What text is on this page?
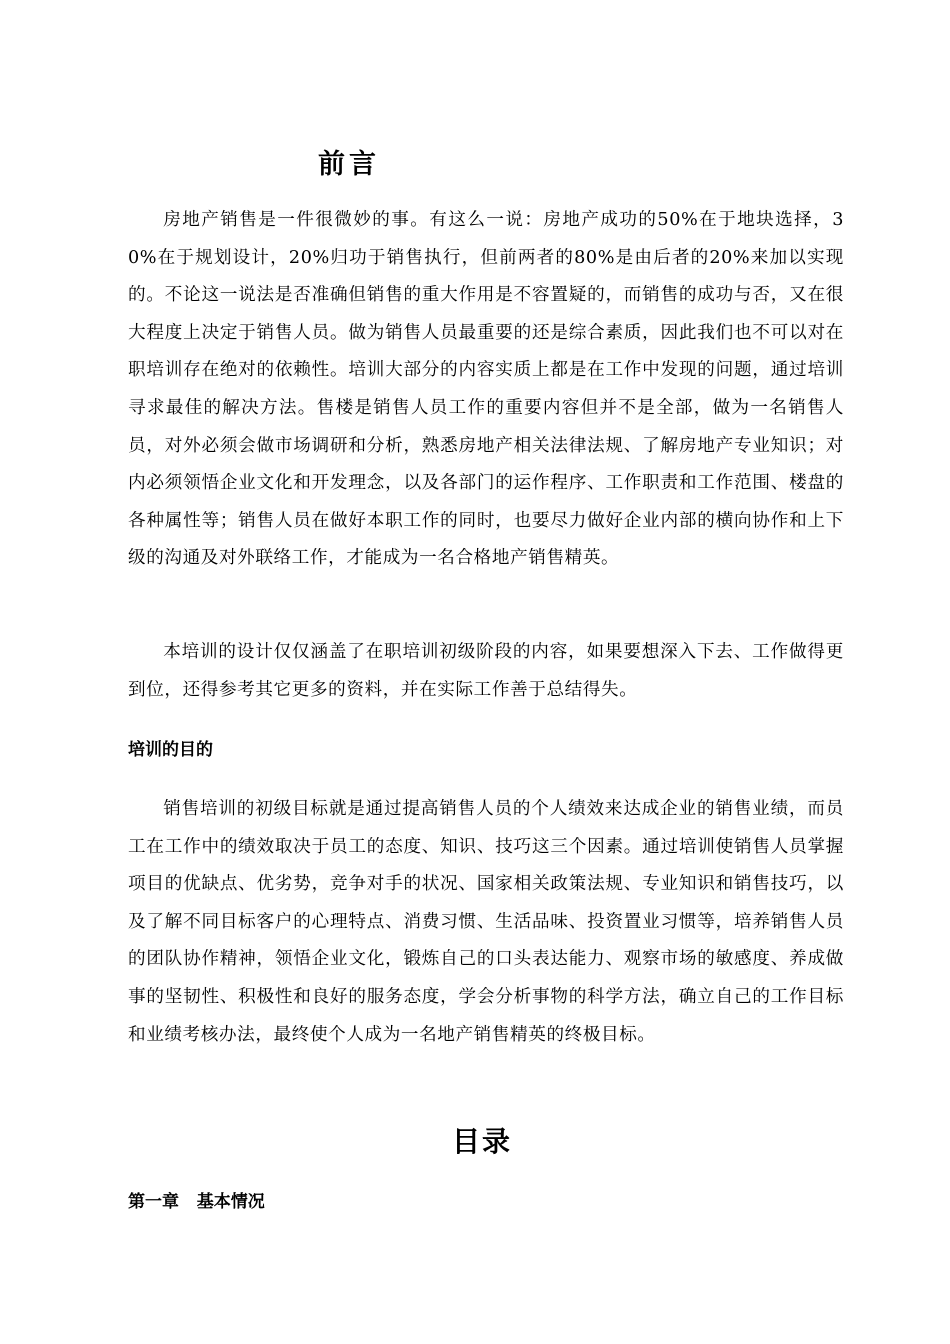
前言

房地产销售是一件很微妙的事。有这么一说：房地产成功的50%在于地块选择，30%在于规划设计，20%归功于销售执行，但前两者的80%是由后者的20%来加以实现的。不论这一说法是否准确但销售的重大作用是不容置疑的，而销售的成功与否，又在很大程度上决定于销售人员。做为销售人员最重要的还是综合素质，因此我们也不可以对在职培训存在绝对的依赖性。培训大部分的内容实质上都是在工作中发现的问题，通过培训寻求最佳的解决方法。售楼是销售人员工作的重要内容但并不是全部，做为一名销售人员，对外必须会做市场调研和分析，熟悉房地产相关法律法规、了解房地产专业知识；对内必须领悟企业文化和开发理念，以及各部门的运作程序、工作职责和工作范围、楼盘的各种属性等；销售人员在做好本职工作的同时，也要尽力做好企业内部的横向协作和上下级的沟通及对外联络工作，才能成为一名合格地产销售精英。

本培训的设计仅仅涵盖了在职培训初级阶段的内容，如果要想深入下去、工作做得更到位，还得参考其它更多的资料，并在实际工作善于总结得失。

培训的目的

销售培训的初级目标就是通过提高销售人员的个人绩效来达成企业的销售业绩，而员工在工作中的绩效取决于员工的态度、知识、技巧这三个因素。通过培训使销售人员掌握项目的优缺点、优劣势，竞争对手的状况、国家相关政策法规、专业知识和销售技巧，以及了解不同目标客户的心理特点、消费习惯、生活品味、投资置业习惯等，培养销售人员的团队协作精神，领悟企业文化，锻炼自己的口头表达能力、观察市场的敏感度、养成做事的坚韧性、积极性和良好的服务态度，学会分析事物的科学方法，确立自己的工作目标和业绩考核办法，最终使个人成为一名地产销售精英的终极目标。

目录
第一章   基本情况
